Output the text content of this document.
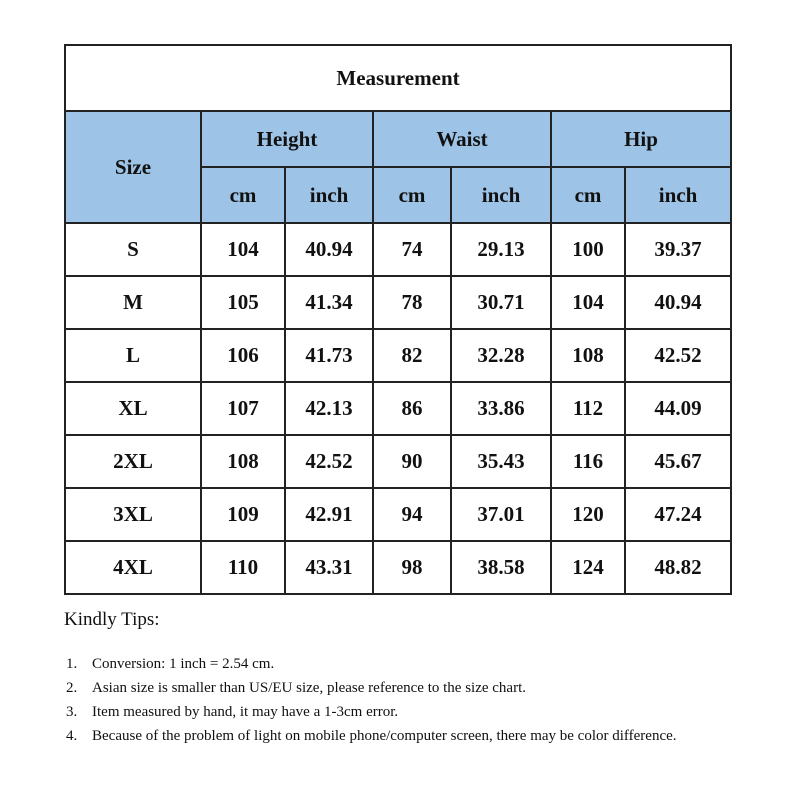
Measurement						
Size	Height		Waist		Hip	
	cm	inch	cm	inch	cm	inch
S	104	40.94	74	29.13	100	39.37
M	105	41.34	78	30.71	104	40.94
L	106	41.73	82	32.28	108	42.52
XL	107	42.13	86	33.86	112	44.09
2XL	108	42.52	90	35.43	116	45.67
3XL	109	42.91	94	37.01	120	47.24
4XL	110	43.31	98	38.58	124	48.82
Kindly Tips:
1. Conversion: 1 inch = 2.54 cm.
2. Asian size is smaller than US/EU size, please reference to the size chart.
3. Item measured by hand, it may have a 1-3cm error.
4. Because of the problem of light on mobile phone/computer screen, there may be color difference.
